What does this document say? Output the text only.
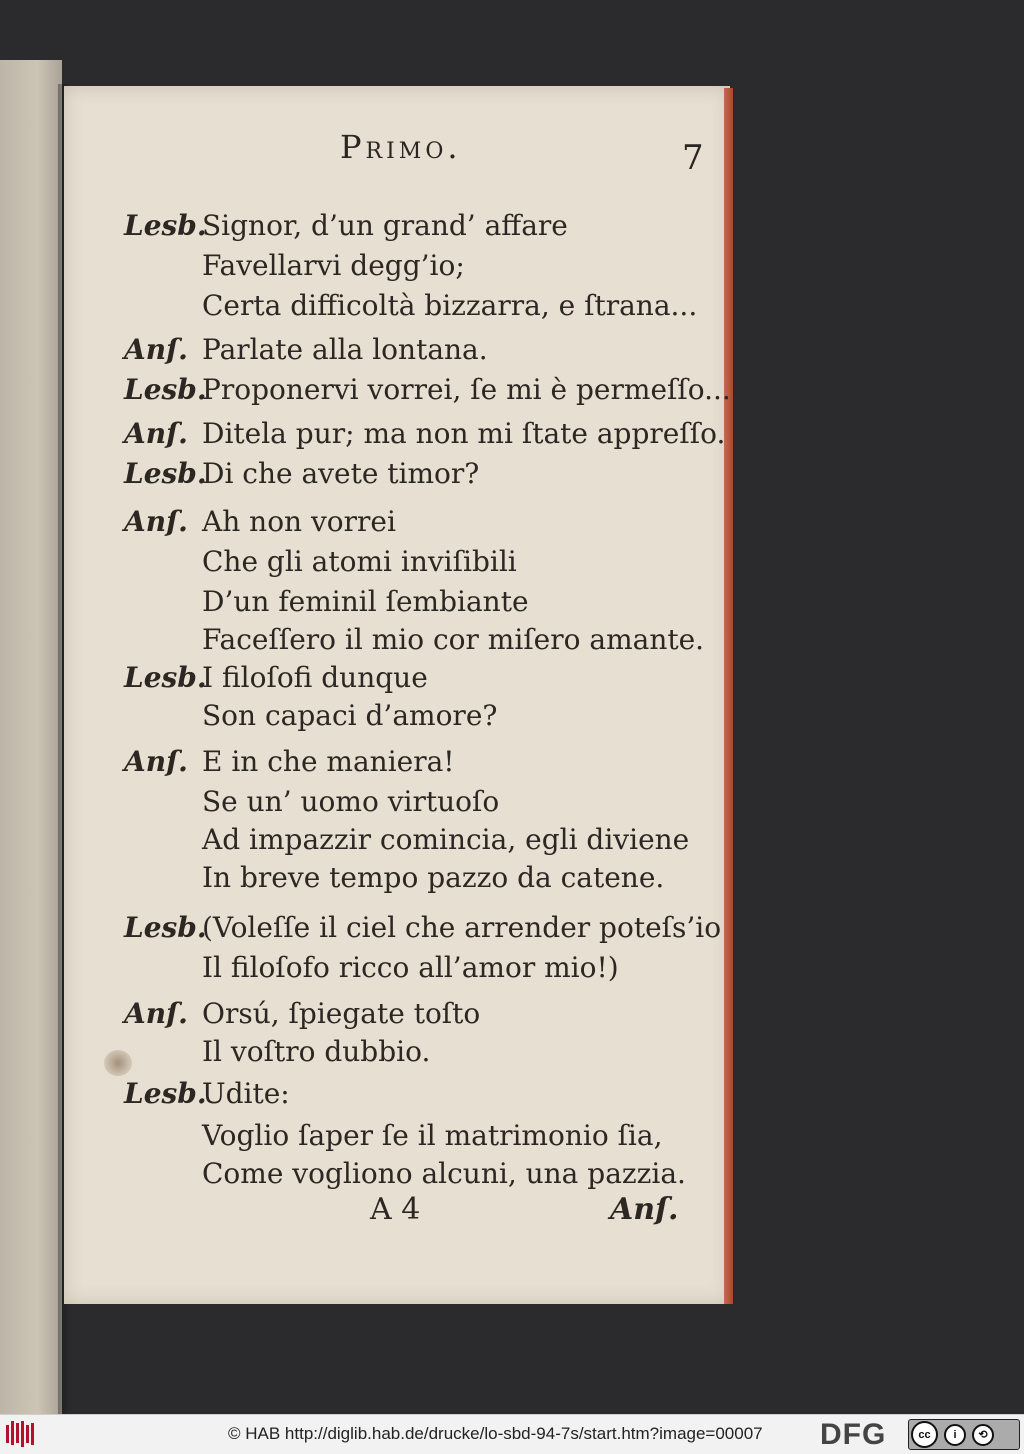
Primo.	7
Lesb.
Signor, d’un grand’ affare
Favellarvi degg’io;
Certa difficoltà bizzarra, e ſtrana...
Anſ. Parlate alla lontana.
Lesb.
Proponervi vorrei, ſe mi è permeſſo...
Anſ. Ditela pur; ma non mi ſtate appreſſo.
Lesb.
Di che avete timor?
Anſ. Ah non vorrei
Che gli atomi inviſibili
D’un feminil ſembiante
Faceſſero il mio cor miſero amante.
Lesb.
I filoſofi dunque
Son capaci d’amore?
Anſ. E in che maniera!
Se un’ uomo virtuoſo
Ad impazzir comincia, egli diviene
In breve tempo pazzo da catene.
Lesb.
(Voleſſe il ciel che arrender poteſs’io
Il filoſofo ricco all’amor mio!)
Anſ. Orsú, ſpiegate toſto
Il voſtro dubbio.
Lesb.
Udite:
Voglio ſaper ſe il matrimonio ſia,
Come vogliono alcuni, una pazzia.
A 4	Anſ.
© HAB http://diglib.hab.de/drucke/lo-sbd-94-7s/start.htm?image=00007 DFG	cc	i	⟲
